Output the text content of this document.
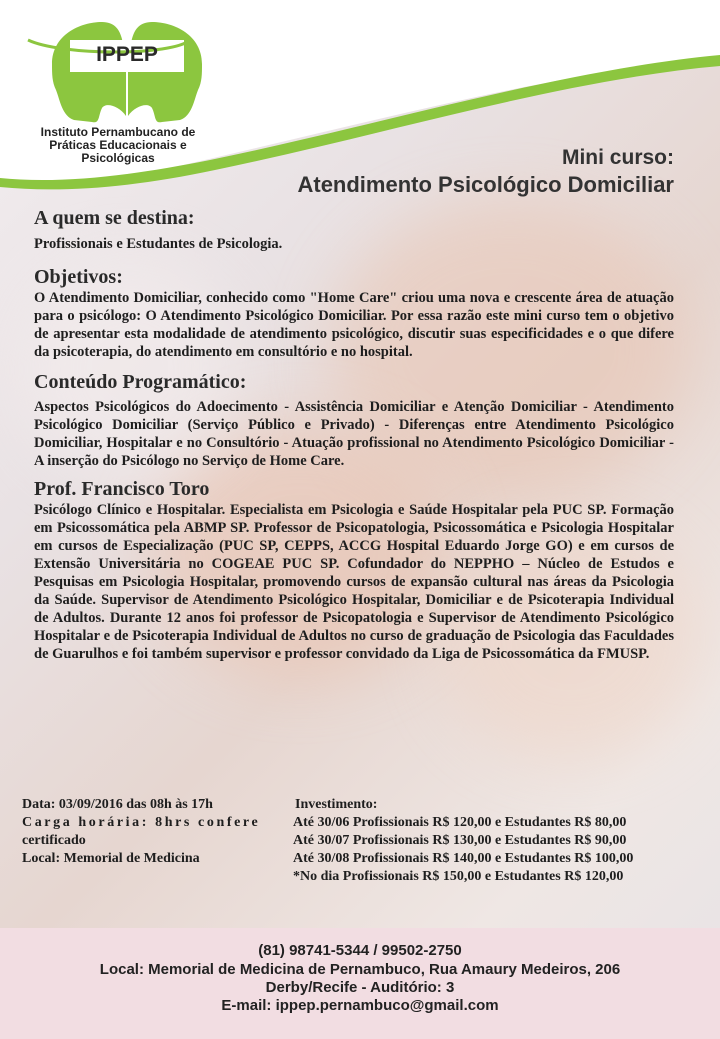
IPPEP
Instituto Pernambucano de
Práticas Educacionais e
Psicológicas	Mini curso:
Atendimento Psicológico Domiciliar
A quem se destina:

Profissionais e Estudantes de Psicologia.

Objetivos:

O Atendimento Domiciliar, conhecido como "Home Care" criou uma nova e crescente área de atuação para o psicólogo: O Atendimento Psicológico Domiciliar. Por essa razão este mini curso tem o objetivo de apresentar esta modalidade de atendimento psicológico, discutir suas especificidades e o que difere da psicoterapia, do atendimento em consultório e no hospital.

Conteúdo Programático:

Aspectos Psicológicos do Adoecimento - Assistência Domiciliar e Atenção Domiciliar - Atendimento Psicológico Domiciliar (Serviço Público e Privado) - Diferenças entre Atendimento Psicológico Domiciliar, Hospitalar e no Consultório - Atuação profissional no Atendimento Psicológico Domiciliar - A inserção do Psicólogo no Serviço de Home Care.

Prof. Francisco Toro

Psicólogo Clínico e Hospitalar. Especialista em Psicologia e Saúde Hospitalar pela PUC SP. Formação em Psicossomática pela ABMP SP. Professor de Psicopatologia, Psicossomática e Psicologia Hospitalar em cursos de Especialização (PUC SP, CEPPS, ACCG Hospital Eduardo Jorge GO) e em cursos de Extensão Universitária no COGEAE PUC SP. Cofundador do NEPPHO – Núcleo de Estudos e Pesquisas em Psicologia Hospitalar, promovendo cursos de expansão cultural nas áreas da Psicologia da Saúde. Supervisor de Atendimento Psicológico Hospitalar, Domiciliar e de Psicoterapia Individual de Adultos. Durante 12 anos foi professor de Psicopatologia e Supervisor de Atendimento Psicológico Hospitalar e de Psicoterapia Individual de Adultos no curso de graduação de Psicologia das Faculdades de Guarulhos e foi também supervisor e professor convidado da Liga de Psicossomática da FMUSP.

Data: 03/09/2016 das 08h às 17h
Carga horária: 8hrs confere
certificado
Local: Memorial de Medicina
Investimento:
Até 30/06 Profissionais R$ 120,00 e Estudantes R$ 80,00
Até 30/07 Profissionais R$ 130,00 e Estudantes R$ 90,00
Até 30/08 Profissionais R$ 140,00 e Estudantes R$ 100,00
*No dia Profissionais R$ 150,00 e Estudantes R$ 120,00
(81) 98741-5344 / 99502-2750
Local: Memorial de Medicina de Pernambuco, Rua Amaury Medeiros, 206
Derby/Recife - Auditório: 3
E-mail: ippep.pernambuco@gmail.com
